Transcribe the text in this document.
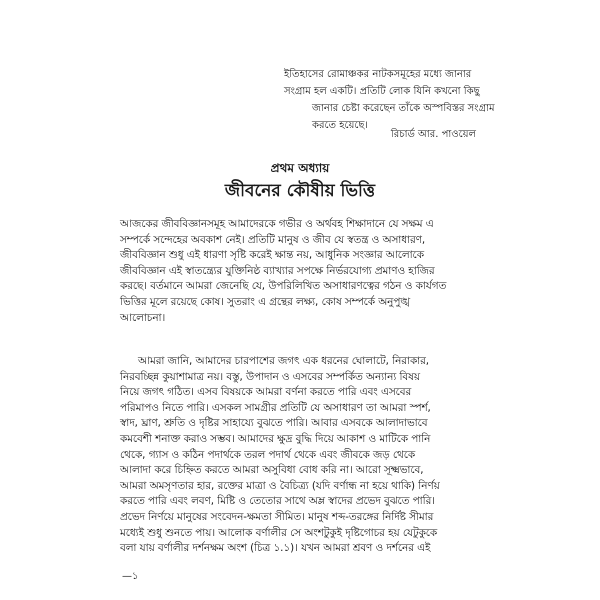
ইতিহাসের রোমাঞ্চকর নাটকসমূহের মধ্যে জানার
সংগ্রাম হল একটি। প্রতিটি লোক যিনি কখনো কিছু
জানার চেষ্টা করেছেন তাঁকে অস্পবিস্তর সংগ্রাম
করতে হয়েছে।
রিচার্ড আর. পাওয়েল
প্রথম অধ্যায়
জীবনের কৌষীয় ভিত্তি
আজকের জীববিজ্ঞানসমূহ আমাদেরকে গভীর ও অর্থবহ শিক্ষাদানে যে সক্ষম এ
সম্পর্কে সন্দেহের অবকাশ নেই। প্রতিটি মানুষ ও জীব যে স্বতন্ত্র ও অসাধারণ,
জীববিজ্ঞান শুধু এই ধারণা সৃষ্টি করেই ক্ষান্ত নয়, আধুনিক সংজ্ঞার আলোকে
জীববিজ্ঞান এই স্বাতন্ত্র্যের যুক্তিনিষ্ঠ ব্যাখ্যার সপক্ষে নির্ভরযোগ্য প্রমাণও হাজির
করছে। বর্তমানে আমরা জেনেছি যে, উপরিলিখিত অসাধারণত্বের গঠন ও কার্যগত
ভিত্তির মূলে রয়েছে কোষ। সুতরাং এ গ্রন্থের লক্ষ্য, কোষ সম্পর্কে অনুপুঙ্খ
আলোচনা।
আমরা জানি, আমাদের চারপাশের জগৎ এক ধরনের ঘোলাটে, নিরাকার,
নিরবচ্ছিন্ন কুয়াশামাত্র নয়। বস্তু, উপাদান ও এসবের সম্পর্কিত অন্যান্য বিষয়
নিয়ে জগৎ গঠিত। এসব বিষয়কে আমরা বর্ণনা করতে পারি এবং এসবের
পরিমাপও নিতে পারি। এসকল সামগ্রীর প্রতিটি যে অসাধারণ তা আমরা স্পর্শ,
স্বাদ, ঘ্রাণ, শ্রুতি ও দৃষ্টির সাহায্যে বুঝতে পারি। আবার এসবকে আলাদাভাবে
কমবেশী শনাক্ত করাও সম্ভব। আমাদের ক্ষুদ্র বুদ্ধি দিয়ে আকাশ ও মাটিকে পানি
থেকে, গ্যাস ও কঠিন পদার্থকে তরল পদার্থ থেকে এবং জীবকে জড় থেকে
আলাদা করে চিহ্নিত করতে আমরা অসুবিধা বোধ করি না। আরো সূক্ষ্মভাবে,
আমরা অমসৃণতার হার, রক্তের মাত্রা ও বৈচিত্র্য (যদি বর্ণান্ধ না হয়ে থাকি) নির্ণয়
করতে পারি এবং লবণ, মিষ্টি ও তেতোর সাথে অম্ল স্বাদের প্রভেদ বুঝতে পারি।
প্রভেদ নির্ণয়ে মানুষের সংবেদন-ক্ষমতা সীমিত। মানুষ শব্দ-তরঙ্গের নির্দিষ্ট সীমার
মধ্যেই শুধু শুনতে পায়। আলোক বর্ণালীর সে অংশটুকুই দৃষ্টিগোচর হয় যেটুকুকে
বলা যায় বর্ণালীর দর্শনক্ষম অংশ (চিত্র ১.১)। যখন আমরা শ্রবণ ও দর্শনের এই
—১
